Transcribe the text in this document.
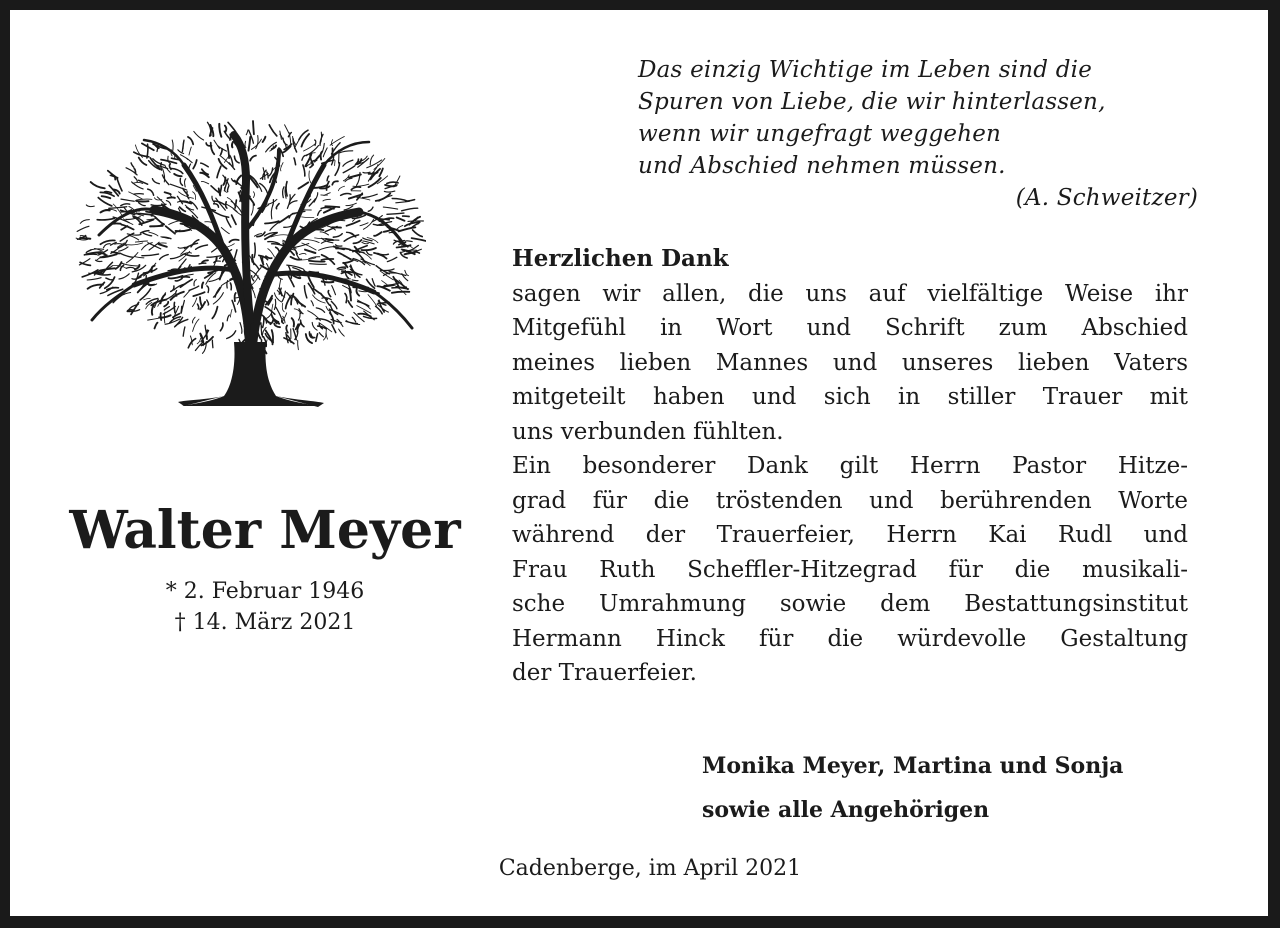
Das einzig Wichtige im Leben sind die
Spuren von Liebe, die wir hinterlassen,
wenn wir ungefragt weggehen
und Abschied nehmen müssen.
(A. Schweitzer)
Walter Meyer
* 2. Februar 1946
† 14. März 2021
Herzlichen Dank
sagen wir allen, die uns auf vielfältige Weise ihr
Mitgefühl in Wort und Schrift zum Abschied
meines lieben Mannes und unseres lieben Vaters
mitgeteilt haben und sich in stiller Trauer mit
uns verbunden fühlten.
Ein besonderer Dank gilt Herrn Pastor Hitze-
grad für die tröstenden und berührenden Worte
während der Trauerfeier, Herrn Kai Rudl und
Frau Ruth Scheffler-Hitzegrad für die musikali-
sche Umrahmung sowie dem Bestattungsinstitut
Hermann Hinck für die würdevolle Gestaltung
der Trauerfeier.
Monika Meyer, Martina und Sonja
sowie alle Angehörigen
Cadenberge, im April 2021
